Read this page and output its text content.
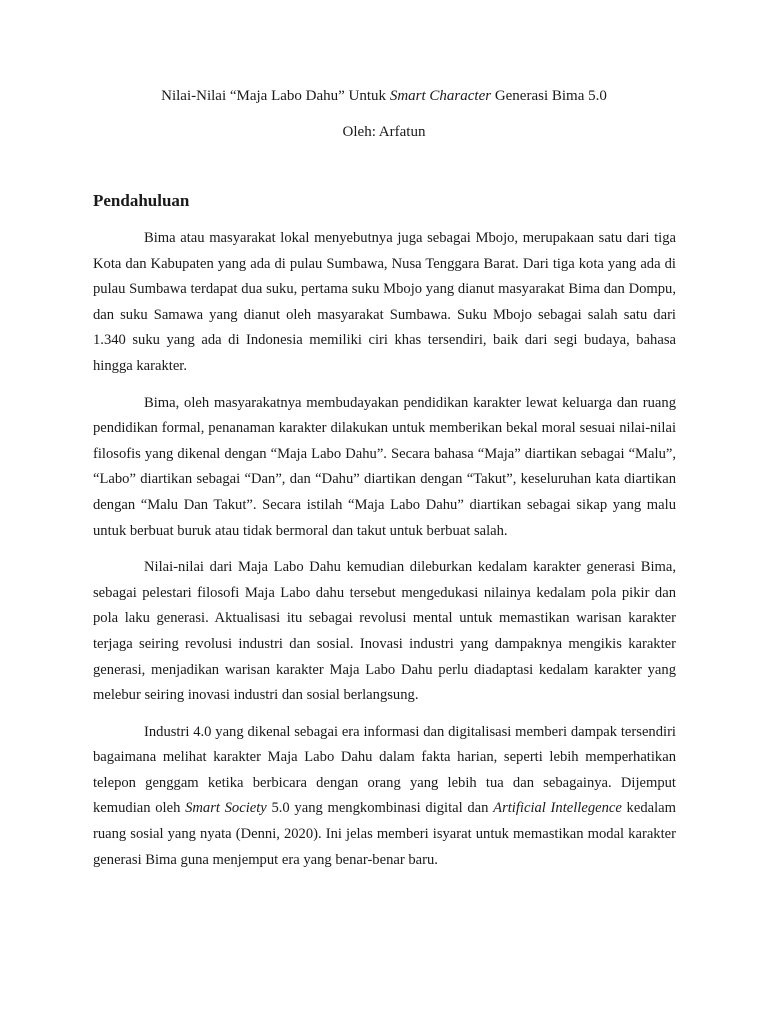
Nilai-Nilai “Maja Labo Dahu” Untuk Smart Character Generasi Bima 5.0

Oleh: Arfatun

Pendahuluan

Bima atau masyarakat lokal menyebutnya juga sebagai Mbojo, merupakaan satu dari tiga Kota dan Kabupaten yang ada di pulau Sumbawa, Nusa Tenggara Barat. Dari tiga kota yang ada di pulau Sumbawa terdapat dua suku, pertama suku Mbojo yang dianut masyarakat Bima dan Dompu, dan suku Samawa yang dianut oleh masyarakat Sumbawa. Suku Mbojo sebagai salah satu dari 1.340 suku yang ada di Indonesia memiliki ciri khas tersendiri, baik dari segi budaya, bahasa hingga karakter.

Bima, oleh masyarakatnya membudayakan pendidikan karakter lewat keluarga dan ruang pendidikan formal, penanaman karakter dilakukan untuk memberikan bekal moral sesuai nilai-nilai filosofis yang dikenal dengan “Maja Labo Dahu”. Secara bahasa “Maja” diartikan sebagai “Malu”, “Labo” diartikan sebagai “Dan”, dan “Dahu” diartikan dengan “Takut”, keseluruhan kata diartikan dengan “Malu Dan Takut”. Secara istilah “Maja Labo Dahu” diartikan sebagai sikap yang malu untuk berbuat buruk atau tidak bermoral dan takut untuk berbuat salah.

Nilai-nilai dari Maja Labo Dahu kemudian dileburkan kedalam karakter generasi Bima, sebagai pelestari filosofi Maja Labo dahu tersebut mengedukasi nilainya kedalam pola pikir dan pola laku generasi. Aktualisasi itu sebagai revolusi mental untuk memastikan warisan karakter terjaga seiring revolusi industri dan sosial. Inovasi industri yang dampaknya mengikis karakter generasi, menjadikan warisan karakter Maja Labo Dahu perlu diadaptasi kedalam karakter yang melebur seiring inovasi industri dan sosial berlangsung.

Industri 4.0 yang dikenal sebagai era informasi dan digitalisasi memberi dampak tersendiri bagaimana melihat karakter Maja Labo Dahu dalam fakta harian, seperti lebih memperhatikan telepon genggam ketika berbicara dengan orang yang lebih tua dan sebagainya. Dijemput kemudian oleh Smart Society 5.0 yang mengkombinasi digital dan Artificial Intellegence kedalam ruang sosial yang nyata (Denni, 2020). Ini jelas memberi isyarat untuk memastikan modal karakter generasi Bima guna menjemput era yang benar-benar baru.
